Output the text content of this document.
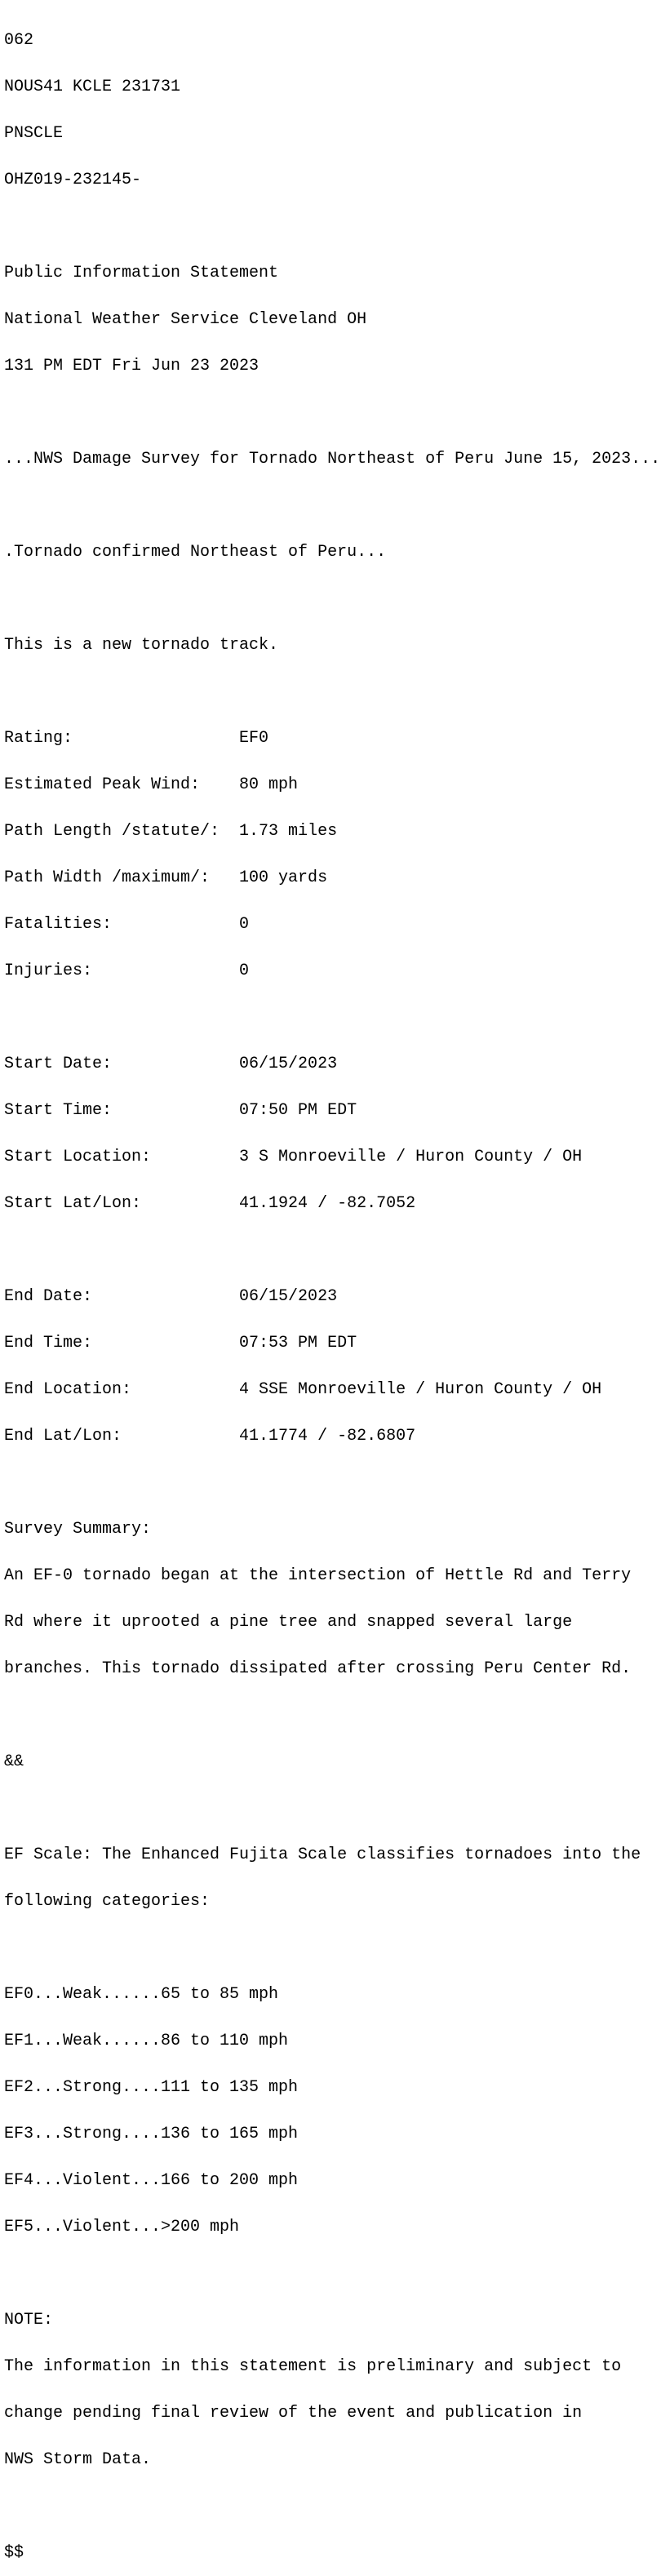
062

NOUS41 KCLE 231731

PNSCLE

OHZ019-232145-

Public Information Statement

National Weather Service Cleveland OH

131 PM EDT Fri Jun 23 2023

...NWS Damage Survey for Tornado Northeast of Peru June 15, 2023...

.Tornado confirmed Northeast of Peru...

This is a new tornado track.

Rating:                 EF0

Estimated Peak Wind:    80 mph

Path Length /statute/:  1.73 miles

Path Width /maximum/:   100 yards

Fatalities:             0

Injuries:               0

Start Date:             06/15/2023

Start Time:             07:50 PM EDT

Start Location:         3 S Monroeville / Huron County / OH

Start Lat/Lon:          41.1924 / -82.7052

End Date:               06/15/2023

End Time:               07:53 PM EDT

End Location:           4 SSE Monroeville / Huron County / OH

End Lat/Lon:            41.1774 / -82.6807

Survey Summary:

An EF-0 tornado began at the intersection of Hettle Rd and Terry

Rd where it uprooted a pine tree and snapped several large

branches. This tornado dissipated after crossing Peru Center Rd.

&&

EF Scale: The Enhanced Fujita Scale classifies tornadoes into the

following categories:

EF0...Weak......65 to 85 mph

EF1...Weak......86 to 110 mph

EF2...Strong....111 to 135 mph

EF3...Strong....136 to 165 mph

EF4...Violent...166 to 200 mph

EF5...Violent...>200 mph

NOTE:

The information in this statement is preliminary and subject to

change pending final review of the event and publication in

NWS Storm Data.

$$
